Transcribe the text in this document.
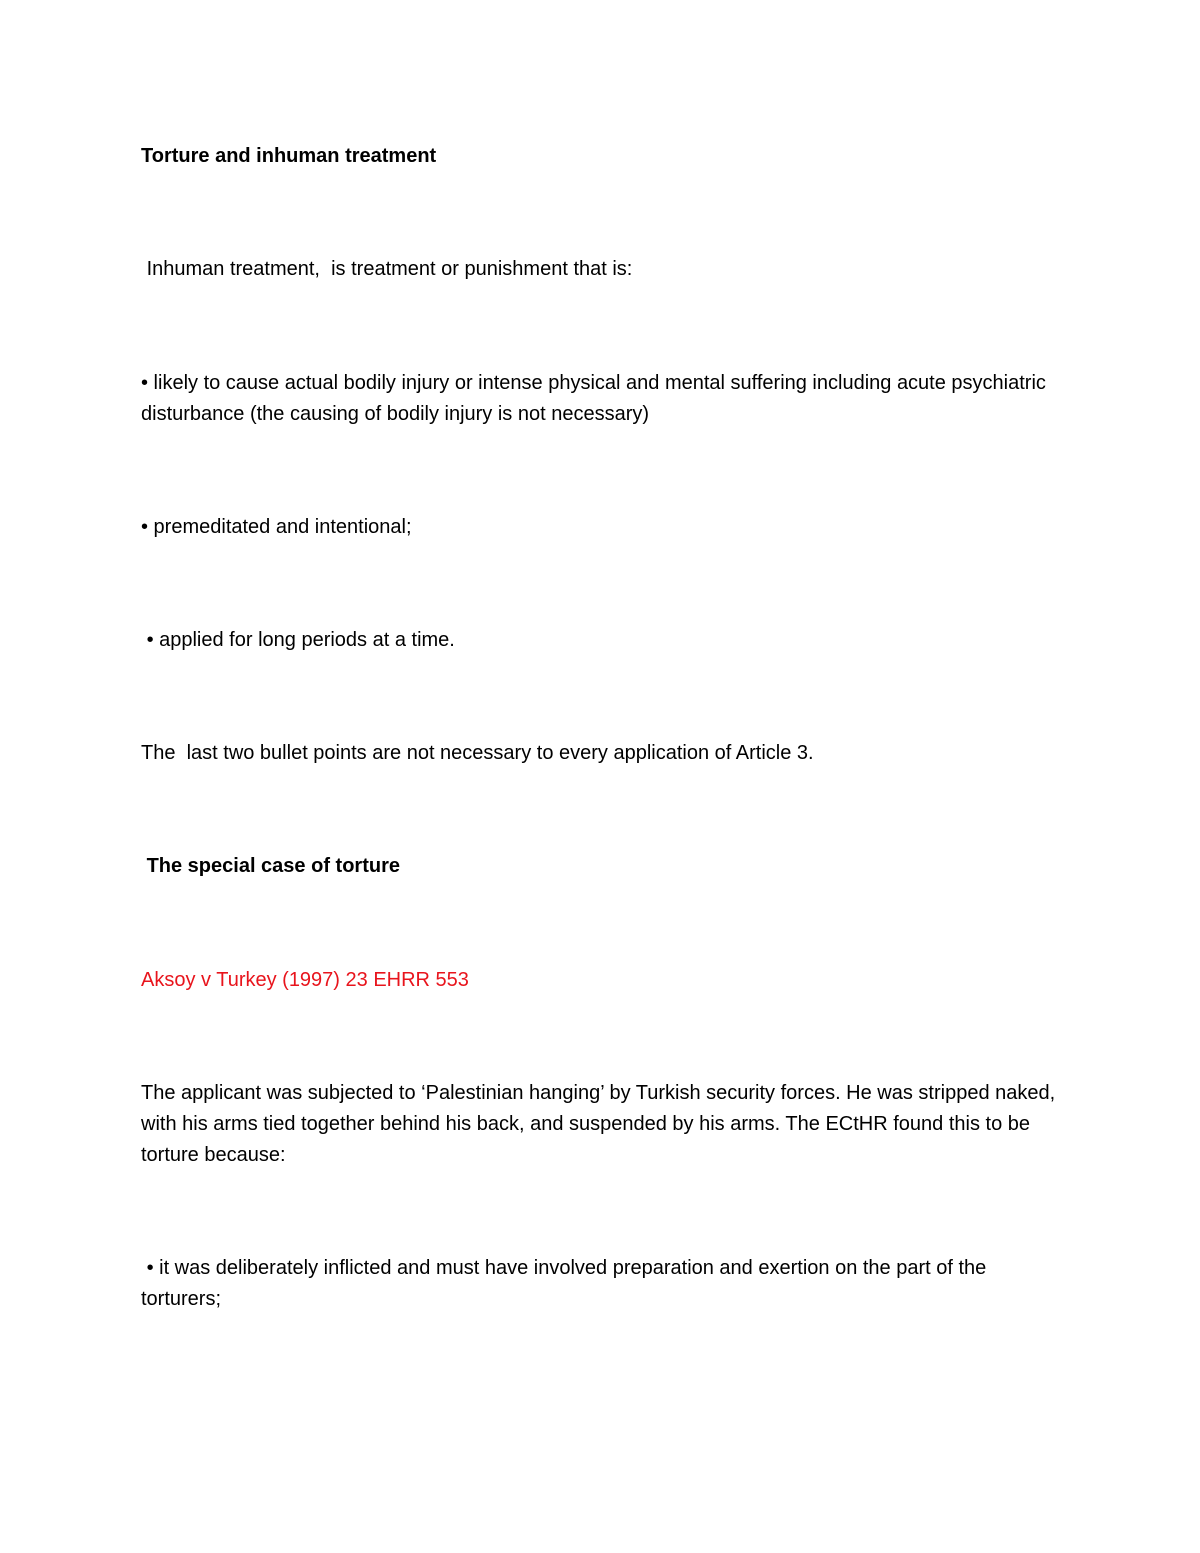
Torture and inhuman treatment

Inhuman treatment,  is treatment or punishment that is:

• likely to cause actual bodily injury or intense physical and mental suffering including acute psychiatric disturbance (the causing of bodily injury is not necessary)

• premeditated and intentional;

• applied for long periods at a time.

The  last two bullet points are not necessary to every application of Article 3.

The special case of torture

Aksoy v Turkey (1997) 23 EHRR 553

The applicant was subjected to ‘Palestinian hanging’ by Turkish security forces. He was stripped naked, with his arms tied together behind his back, and suspended by his arms. The ECtHR found this to be torture because:

• it was deliberately inflicted and must have involved preparation and exertion on the part of the torturers;
